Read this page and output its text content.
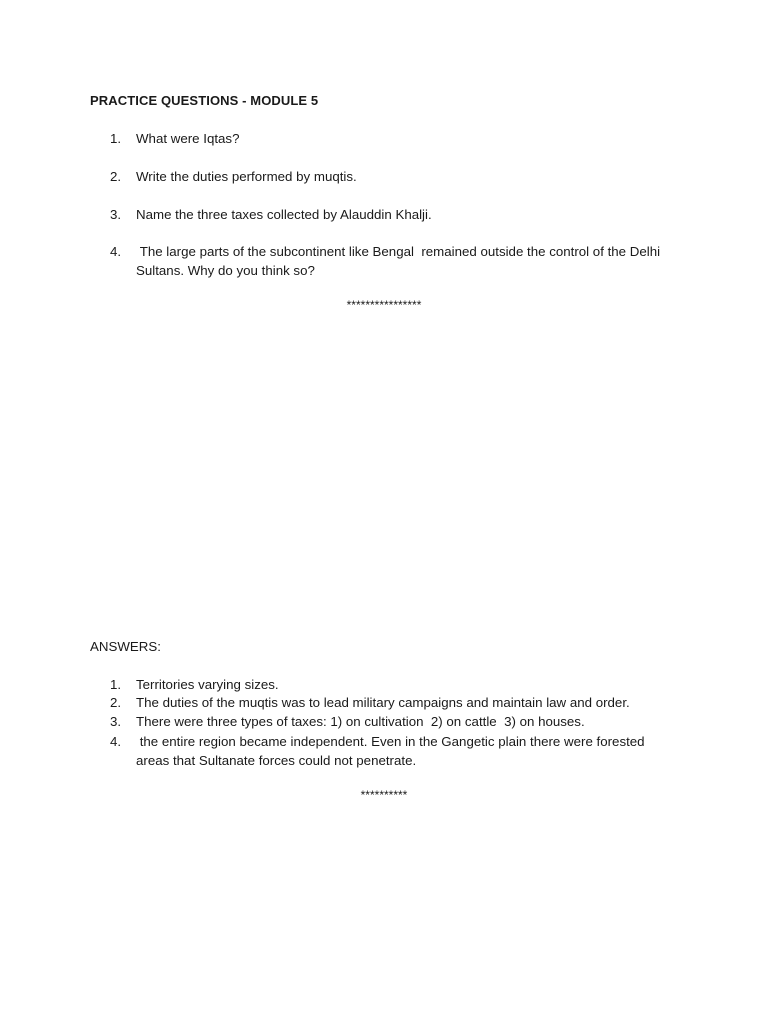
PRACTICE QUESTIONS - MODULE 5
1.	What were Iqtas?
2.	Write the duties performed by muqtis.
3.	Name the three taxes collected by Alauddin Khalji.
4.	The large parts of the subcontinent like Bengal  remained outside the control of the Delhi Sultans. Why do you think so?
****************
ANSWERS:
1.	Territories varying sizes.
2.	The duties of the muqtis was to lead military campaigns and maintain law and order.
3.	There were three types of taxes: 1) on cultivation  2) on cattle  3) on houses.
4.	the entire region became independent. Even in the Gangetic plain there were forested areas that Sultanate forces could not penetrate.
**********
